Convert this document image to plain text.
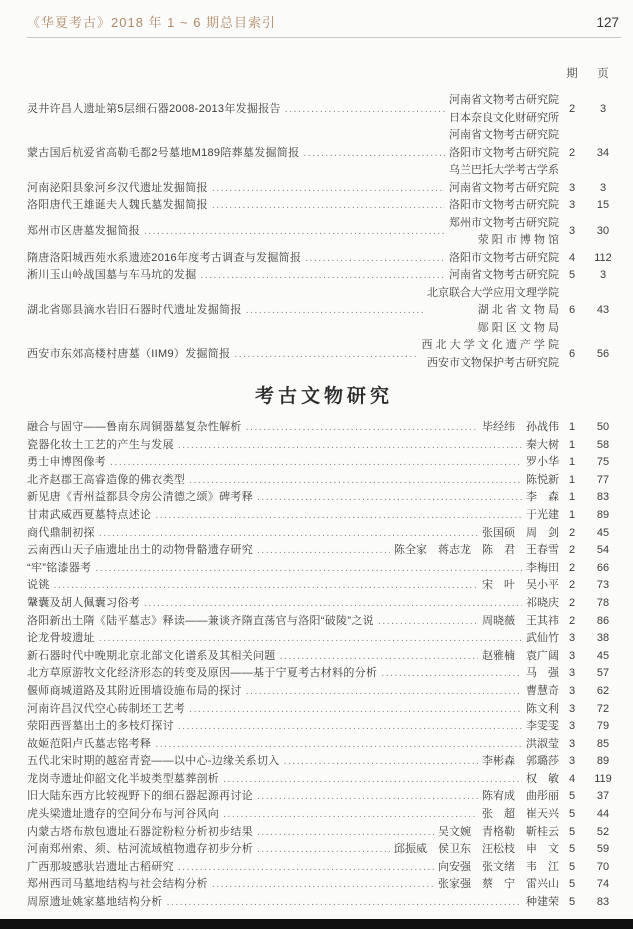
《华夏考古》2018 年 1 ~ 6 期总目索引	127
期	页
灵井许昌人遗址第5层细石器2008-2013年发掘报告
.....
河南省文物考古研究院
日本奈良文化财研究所
2	3
蒙古国后杭爱省高勒毛都2号墓地M189陪葬墓发掘简报
.....
河南省文物考古研究院
洛阳市文物考古研究院
乌兰巴托大学考古学系
2	34
河南泌阳县象河乡汉代遗址发掘简报 .....	河南省文物考古研究院 3	3
洛阳唐代王雄诞夫人魏氏墓发掘简报 .....	洛阳市文物考古研究院 3	15
郑州市区唐墓发掘简报
.....
郑州市文物考古研究院
荥 阳 市 博 物 馆
3	30
隋唐洛阳城西苑水系遗迹2016年度考古调查与发掘简报 .....	洛阳市文物考古研究院 4	112
淅川玉山岭战国墓与车马坑的发掘 .....	河南省文物考古研究院 5	3
湖北省郧县滴水岩旧石器时代遗址发掘简报
.....
北京联合大学应用文理学院
湖 北 省 文 物 局
郧 阳 区 文 物 局
6	43
西安市东郊高楼村唐墓（IIM9）发掘简报
.....
西 北 大 学 文 化 遗 产 学 院
西安市文物保护考古研究院
6	56
考古文物研究
融合与固守——鲁南东周铜器墓复杂性解析 .....	毕经纬　孙战伟 1	50
瓷器化妆土工艺的产生与发展 .....	秦大树 1	58
勇士申博图像考 .....	罗小华 1	75
北齐赵郡王高睿造像的佛衣类型 .....	陈悦新 1	77
新见唐《青州益都县令房公清德之颂》碑考释 .....	李　森 1	83
甘肃武威西夏墓特点述论 .....	于光建 1	89
商代鼎制初探 .....	张国硕　周　剑 2	45
云南西山天子庙遗址出土的动物骨骼遗存研究 .....	陈全家　蒋志龙　陈　君　王春雪 2	54
“牢”铭漆器考 .....	李梅田 2	66
说铫 .....	宋　叶　吴小平 2	73
鞶囊及胡人佩囊习俗考 .....	祁晓庆 2	78
洛阳新出土隋《陆平墓志》释读——兼谈齐隋直荡官与洛阳“破陵”之说 .....	周晓薇　王其祎 2	86
论龙骨坡遗址 .....	武仙竹 3	38
新石器时代中晚期北京北部文化谱系及其相关问题 .....	赵雅楠　袁广阔 3	45
北方草原游牧文化经济形态的转变及原因——基于宁夏考古材料的分析 .....	马　强 3	57
偃师商城道路及其附近围墙设施布局的探讨 .....	曹慧奇 3	62
河南许昌汉代空心砖制坯工艺考 .....	陈文利 3	72
荥阳西晋墓出土的多枝灯探讨 .....	李雯雯 3	79
故姬范阳卢氏墓志铭考释 .....	洪淑莹 3	85
五代北宋时期的越窑青瓷——以中心-边缘关系切入 .....	李彬森　郭璐莎 3	89
龙岗寺遗址仰韶文化半坡类型墓葬剖析 .....	权　敏 4	119
旧大陆东西方比较视野下的细石器起源再讨论 .....	陈宥成　曲彤丽 5	37
虎头梁遗址遗存的空间分布与河谷风向 .....	张　超　崔天兴 5	44
内蒙古塔布敖包遗址石器淀粉粒分析初步结果 .....	吴文婉　青格勒　靳桂云 5	52
河南郑州索、须、枯河流域植物遗存初步分析 .....	邱振威　侯卫东　汪松枝　申　文 5	59
广西那坡感驮岩遗址古稻研究 .....	向安强　张文绪　韦　江 5	70
郑州西司马墓地结构与社会结构分析 .....	张家强　蔡　宁　雷兴山 5	74
周原遗址姚家墓地结构分析 .....	种建荣 5	83
